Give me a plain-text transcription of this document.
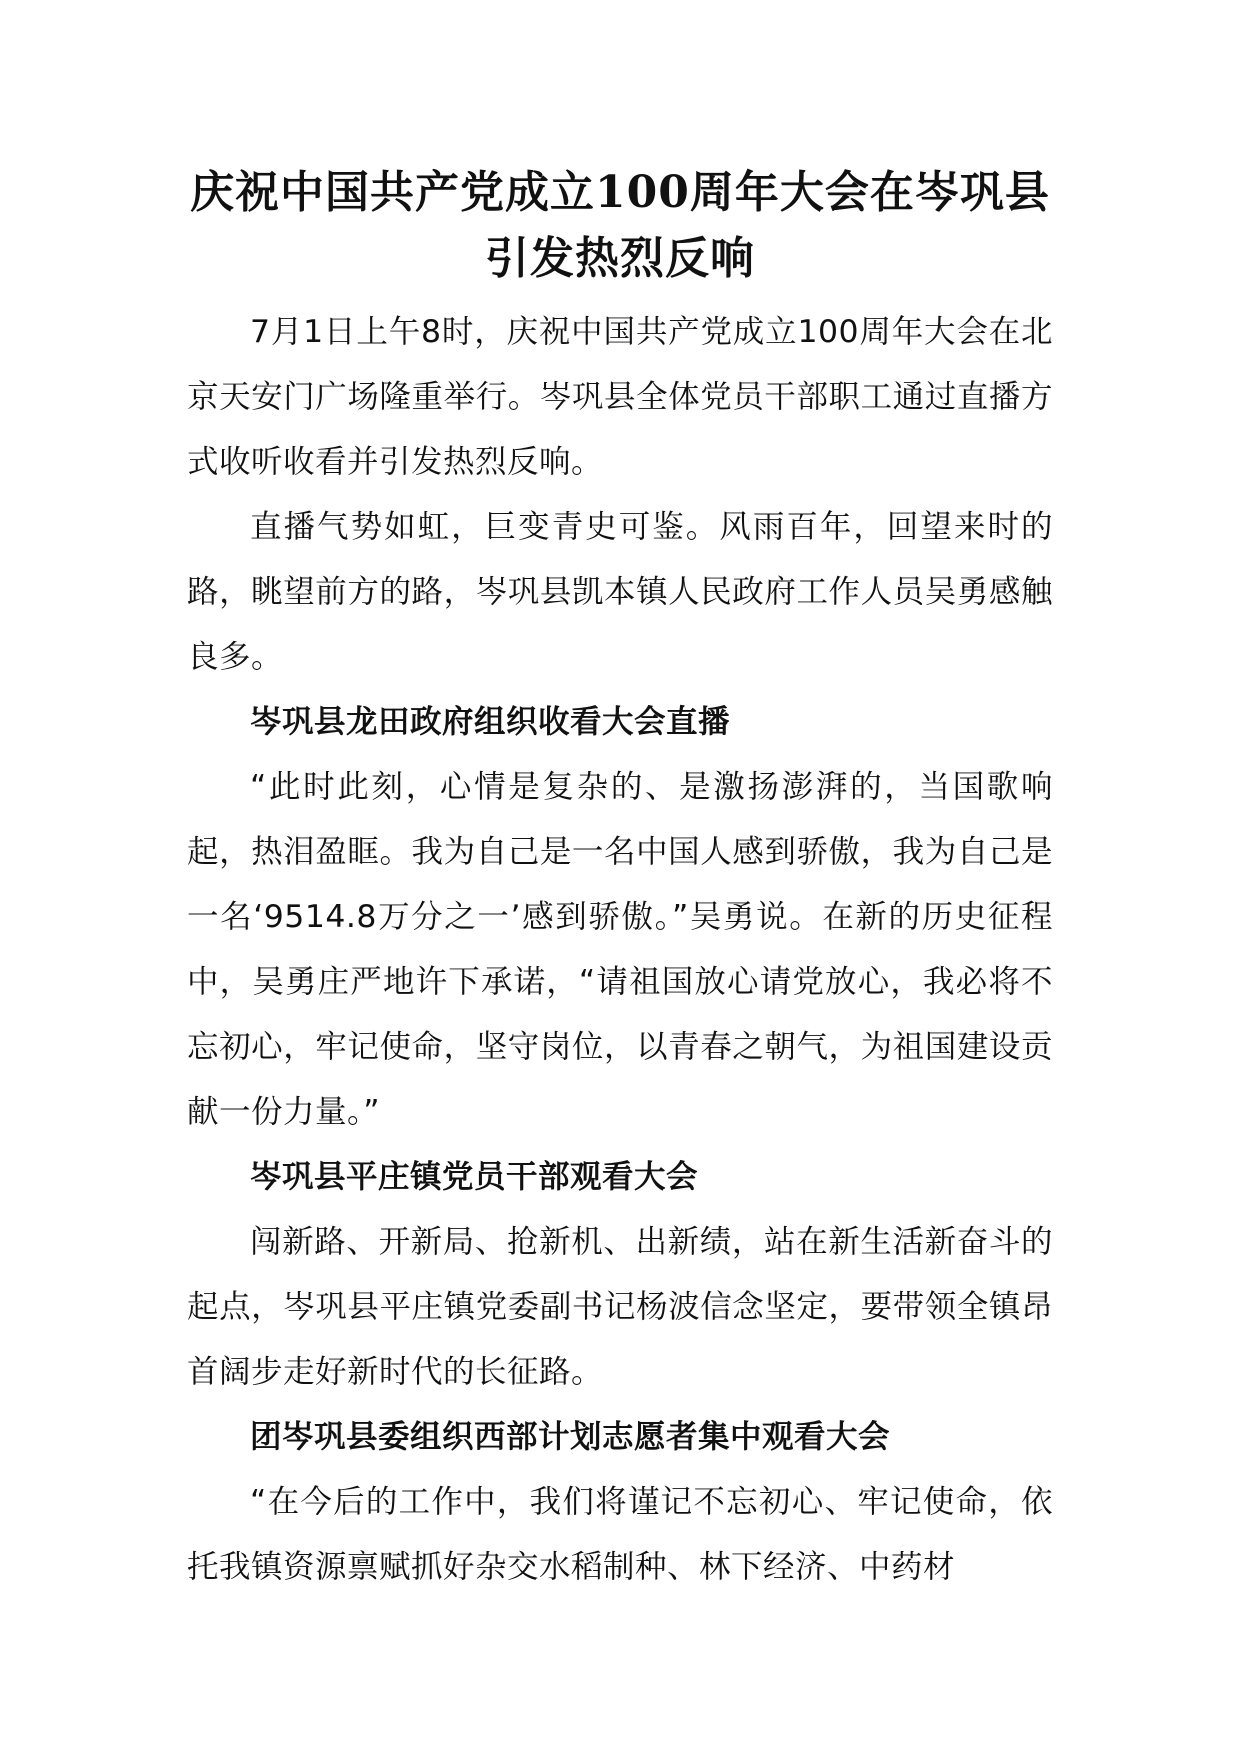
庆祝中国共产党成立100周年大会在岑巩县引发热烈反响

7月1日上午8时，庆祝中国共产党成立100周年大会在北京天安门广场隆重举行。岑巩县全体党员干部职工通过直播方式收听收看并引发热烈反响。

直播气势如虹，巨变青史可鉴。风雨百年，回望来时的路，眺望前方的路，岑巩县凯本镇人民政府工作人员吴勇感触良多。

岑巩县龙田政府组织收看大会直播

“此时此刻，心情是复杂的、是激扬澎湃的，当国歌响起，热泪盈眶。我为自己是一名中国人感到骄傲，我为自己是一名‘9514.8万分之一’感到骄傲。”吴勇说。在新的历史征程中，吴勇庄严地许下承诺，“请祖国放心请党放心，我必将不忘初心，牢记使命，坚守岗位，以青春之朝气，为祖国建设贡献一份力量。”

岑巩县平庄镇党员干部观看大会

闯新路、开新局、抢新机、出新绩，站在新生活新奋斗的起点，岑巩县平庄镇党委副书记杨波信念坚定，要带领全镇昂首阔步走好新时代的长征路。

团岑巩县委组织西部计划志愿者集中观看大会

“在今后的工作中，我们将谨记不忘初心、牢记使命，依托我镇资源禀赋抓好杂交水稻制种、林下经济、中药材
